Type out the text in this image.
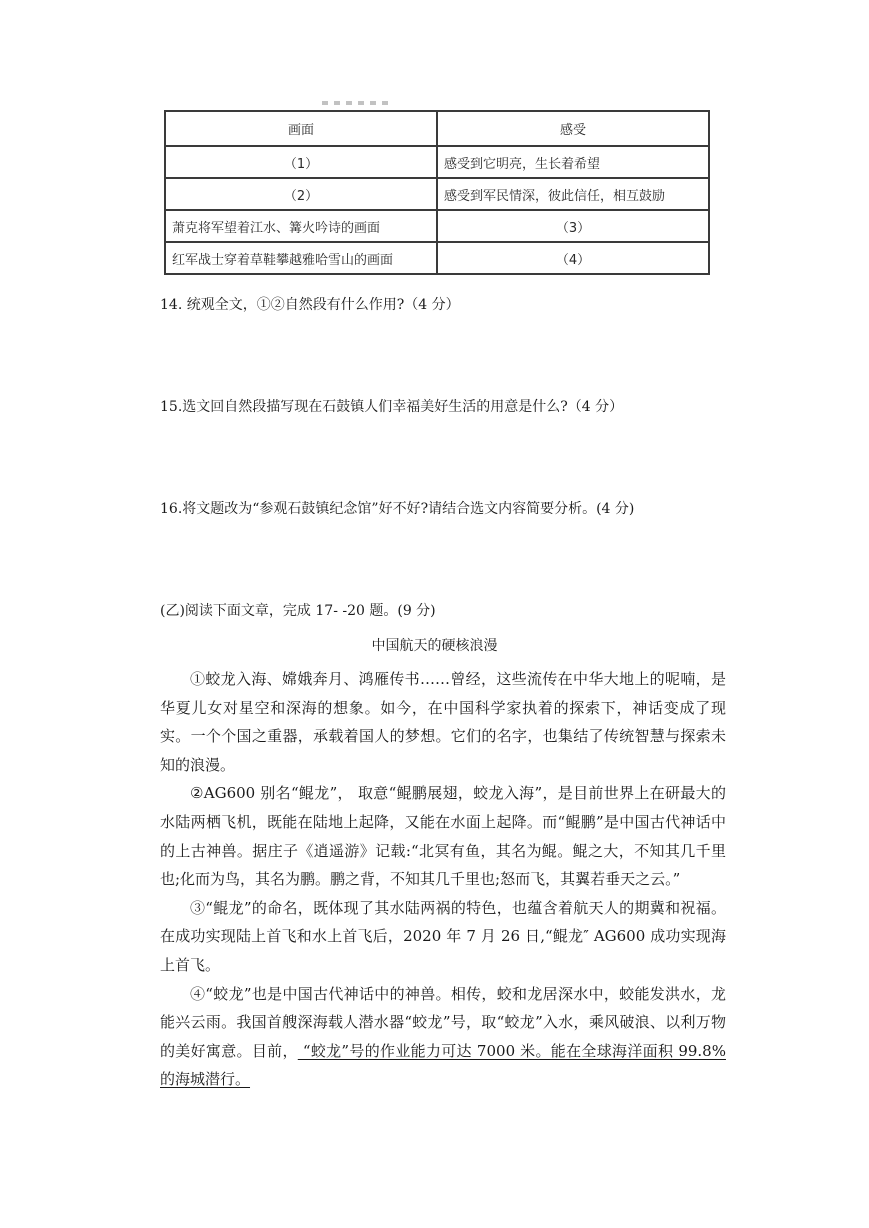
画面	感受
（1）	感受到它明亮，生长着希望
（2）	感受到军民情深，彼此信任，相互鼓励
萧克将军望着江水、篝火吟诗的画面	（3）
红军战士穿着草鞋攀越雅哈雪山的画面	（4）
14. 统观全文，①②自然段有什么作用?（4 分）
15.选文回自然段描写现在石鼓镇人们幸福美好生活的用意是什么?（4 分）
16.将文题改为“参观石鼓镇纪念馆”好不好?请结合选文内容简要分析。(4 分)
(乙)阅读下面文章，完成 17- -20 题。(9 分)
中国航天的硬核浪漫

①蛟龙入海、嫦娥奔月、鸿雁传书……曾经，这些流传在中华大地上的呢喃，是华夏儿女对星空和深海的想象。如今，在中国科学家执着的探索下，神话变成了现实。一个个国之重器，承载着国人的梦想。它们的名字，也集结了传统智慧与探索未知的浪漫。

②AG600 别名“鲲龙”， 取意“鲲鹏展翅，蛟龙入海”，是目前世界上在研最大的水陆两栖飞机，既能在陆地上起降，又能在水面上起降。而“鲲鹏”是中国古代神话中的上古神兽。据庄子《逍遥游》记载:“北冥有鱼，其名为鲲。鲲之大，不知其几千里也;化而为鸟，其名为鹏。鹏之背，不知其几千里也;怒而飞，其翼若垂天之云。”

③“鲲龙”的命名，既体现了其水陆两祸的特色，也蕴含着航天人的期冀和祝福。在成功实现陆上首飞和水上首飞后，2020 年 7 月 26 日,“鲲龙″ AG600 成功实现海上首飞。

④“蛟龙”也是中国古代神话中的神兽。相传，蛟和龙居深水中，蛟能发洪水，龙能兴云雨。我国首艘深海载人潜水器“蛟龙”号，取“蛟龙”入水，乘风破浪、以利万物的美好寓意。目前， “蛟龙”号的作业能力可达 7000 米。能在全球海洋面积 99.8%的海城潜行。
